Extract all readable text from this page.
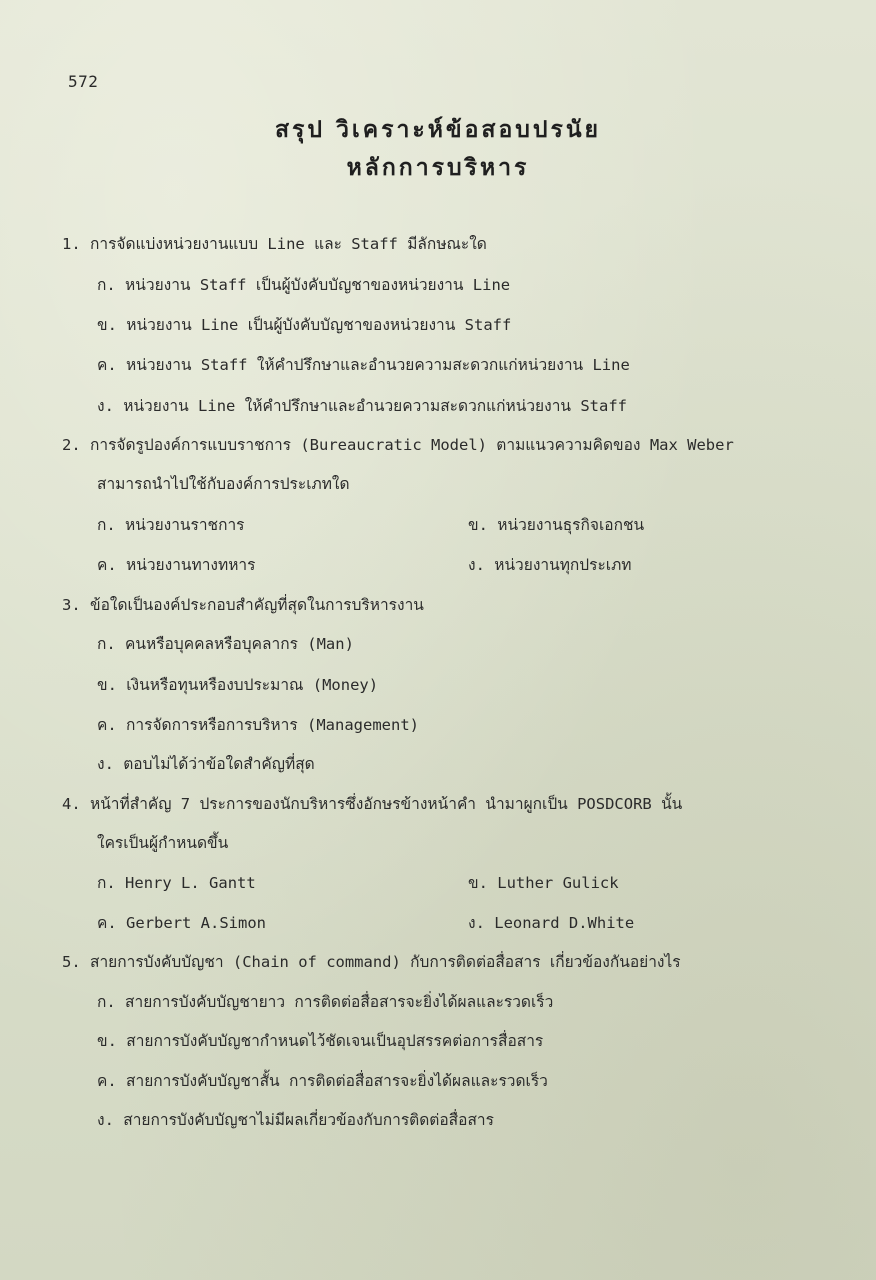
572
สรุป วิเคราะห์ข้อสอบปรนัย
หลักการบริหาร
1. การจัดแบ่งหน่วยงานแบบ Line และ Staff มีลักษณะใด
ก. หน่วยงาน Staff เป็นผู้บังคับบัญชาของหน่วยงาน Line
ข. หน่วยงาน Line เป็นผู้บังคับบัญชาของหน่วยงาน Staff
ค. หน่วยงาน Staff ให้คำปรึกษาและอำนวยความสะดวกแก่หน่วยงาน Line
ง. หน่วยงาน Line ให้คำปรึกษาและอำนวยความสะดวกแก่หน่วยงาน Staff
2. การจัดรูปองค์การแบบราชการ (Bureaucratic Model) ตามแนวความคิดของ Max Weber
สามารถนำไปใช้กับองค์การประเภทใด
ก. หน่วยงานราชการ	ข. หน่วยงานธุรกิจเอกชน
ค. หน่วยงานทางทหาร	ง. หน่วยงานทุกประเภท
3. ข้อใดเป็นองค์ประกอบสำคัญที่สุดในการบริหารงาน
ก. คนหรือบุคคลหรือบุคลากร (Man)
ข. เงินหรือทุนหรืองบประมาณ (Money)
ค. การจัดการหรือการบริหาร (Management)
ง. ตอบไม่ได้ว่าข้อใดสำคัญที่สุด
4. หน้าที่สำคัญ 7 ประการของนักบริหารซึ่งอักษรข้างหน้าคำ นำมาผูกเป็น POSDCORB นั้น
ใครเป็นผู้กำหนดขึ้น
ก. Henry L. Gantt	ข. Luther Gulick
ค. Gerbert A.Simon	ง. Leonard D.White
5. สายการบังคับบัญชา (Chain of command) กับการติดต่อสื่อสาร เกี่ยวข้องกันอย่างไร
ก. สายการบังคับบัญชายาว การติดต่อสื่อสารจะยิ่งได้ผลและรวดเร็ว
ข. สายการบังคับบัญชากำหนดไว้ชัดเจนเป็นอุปสรรคต่อการสื่อสาร
ค. สายการบังคับบัญชาสั้น การติดต่อสื่อสารจะยิ่งได้ผลและรวดเร็ว
ง. สายการบังคับบัญชาไม่มีผลเกี่ยวข้องกับการติดต่อสื่อสาร
